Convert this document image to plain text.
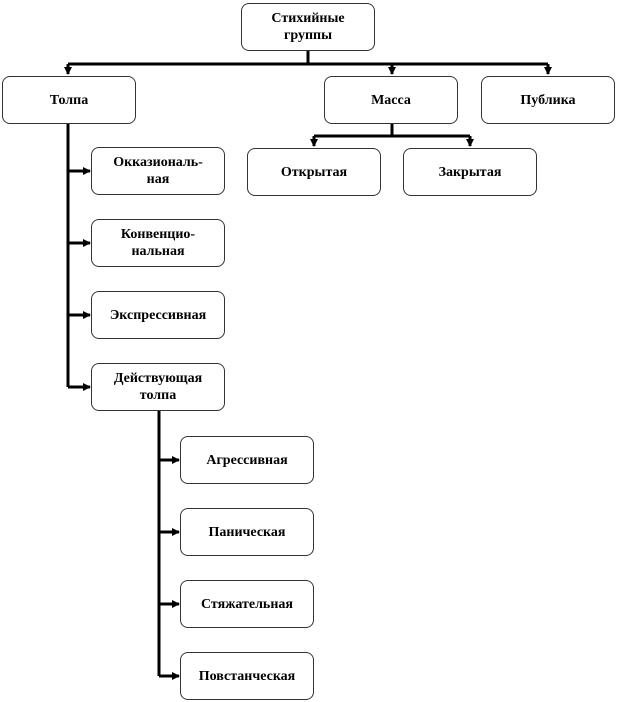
Стихийные
группы
Толпа	Масса	Публика
Открытая	Закрытая
Окказиональ-
ная
Конвенцио-
нальная
Экспрессивная
Действующая
толпа
Агрессивная
Паническая
Стяжательная
Повстанческая
